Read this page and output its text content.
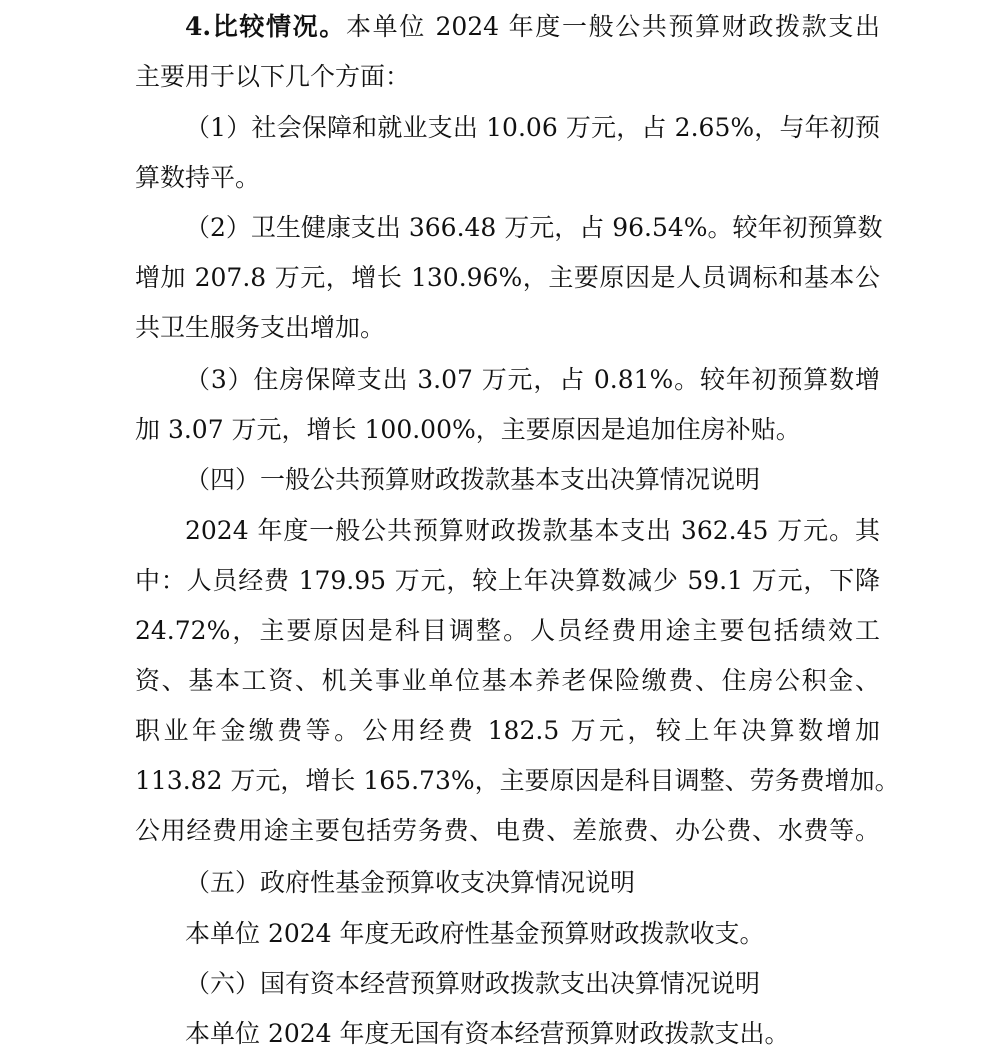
4.比较情况。本单位 2024 年度一般公共预算财政拨款支出
主要用于以下几个方面：
（1）社会保障和就业支出 10.06 万元，占 2.65%，与年初预
算数持平。
（2）卫生健康支出 366.48 万元，占 96.54%。较年初预算数
增加 207.8 万元，增长 130.96%，主要原因是人员调标和基本公
共卫生服务支出增加。
（3）住房保障支出 3.07 万元，占 0.81%。较年初预算数增
加 3.07 万元，增长 100.00%，主要原因是追加住房补贴。
（四）一般公共预算财政拨款基本支出决算情况说明
2024 年度一般公共预算财政拨款基本支出 362.45 万元。其
中：人员经费 179.95 万元，较上年决算数减少 59.1 万元，下降
24.72%，主要原因是科目调整。人员经费用途主要包括绩效工
资、基本工资、机关事业单位基本养老保险缴费、住房公积金、
职业年金缴费等。公用经费 182.5 万元，较上年决算数增加
113.82 万元，增长 165.73%，主要原因是科目调整、劳务费增加。
公用经费用途主要包括劳务费、电费、差旅费、办公费、水费等。
（五）政府性基金预算收支决算情况说明
本单位 2024 年度无政府性基金预算财政拨款收支。
（六）国有资本经营预算财政拨款支出决算情况说明
本单位 2024 年度无国有资本经营预算财政拨款支出。
